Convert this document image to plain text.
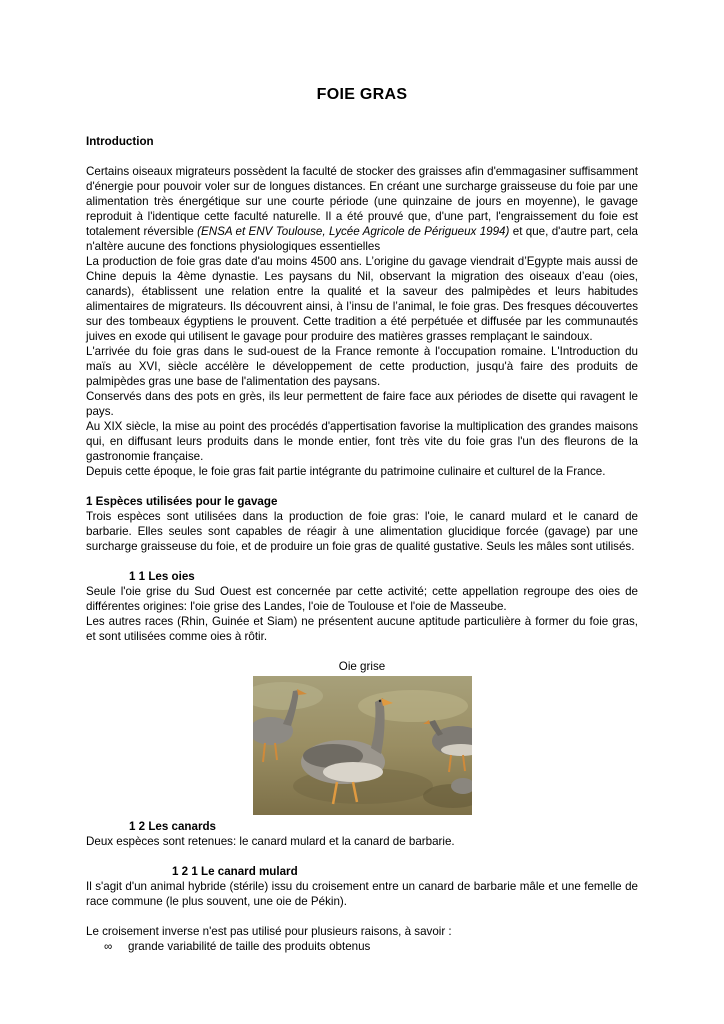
FOIE GRAS

Introduction

Certains oiseaux migrateurs possèdent la faculté de stocker des graisses afin d'emmagasiner suffisamment d'énergie pour pouvoir voler sur de longues distances. En créant une surcharge graisseuse du foie par une alimentation très énergétique sur une courte période (une quinzaine de jours en moyenne), le gavage reproduit à l'identique cette faculté naturelle. Il a été prouvé que, d'une part, l'engraissement du foie est totalement réversible (ENSA et ENV Toulouse, Lycée Agricole de Périgueux 1994) et que, d'autre part, cela n'altère aucune des fonctions physiologiques essentielles

La production de foie gras date d'au moins 4500 ans. L’origine du gavage viendrait d’Egypte mais aussi de Chine depuis la 4ème dynastie. Les paysans du Nil, observant la migration des oiseaux d’eau (oies, canards), établissent une relation entre la qualité et la saveur des palmipèdes et leurs habitudes alimentaires de migrateurs. Ils découvrent ainsi, à l’insu de l’animal, le foie gras. Des fresques découvertes sur des tombeaux égyptiens le prouvent. Cette tradition a été perpétuée et diffusée par les communautés juives en exode qui utilisent le gavage pour produire des matières grasses remplaçant le saindoux.

L'arrivée du foie gras dans le sud-ouest de la France remonte à l'occupation romaine. L'Introduction du maïs au XVI, siècle accélère le développement de cette production, jusqu'à faire des produits de palmipèdes gras une base de l'alimentation des paysans.

Conservés dans des pots en grès, ils leur permettent de faire face aux périodes de disette qui ravagent le pays.

Au XIX siècle, la mise au point des procédés d'appertisation favorise la multiplication des grandes maisons qui, en diffusant leurs produits dans le monde entier, font très vite du foie gras l'un des fleurons de la gastronomie française.

Depuis cette époque, le foie gras fait partie intégrante du patrimoine culinaire et culturel de la France.

1 Espèces utilisées pour le gavage

Trois espèces sont utilisées dans la production de foie gras: l'oie, le canard mulard et le canard de barbarie. Elles seules sont capables de réagir à une alimentation glucidique forcée (gavage) par une surcharge graisseuse du foie, et de produire un foie gras de qualité gustative. Seuls les mâles sont utilisés.

1 1 Les oies

Seule l'oie grise du Sud Ouest est concernée par cette activité; cette appellation regroupe des oies de différentes origines: l'oie grise des Landes, l'oie de Toulouse et l'oie de Masseube.

Les autres races (Rhin, Guinée et Siam) ne présentent aucune aptitude particulière à former du foie gras, et sont utilisées comme oies à rôtir.

Oie grise

1 2 Les canards

Deux espèces sont retenues: le canard mulard et la canard de barbarie.

1 2 1 Le canard mulard

Il s'agit d'un animal hybride (stérile) issu du croisement entre un canard de barbarie mâle et une femelle de race commune (le plus souvent, une oie de Pékin).

Le croisement inverse n'est pas utilisé pour plusieurs raisons, à savoir :

∞	grande variabilité de taille des produits obtenus
